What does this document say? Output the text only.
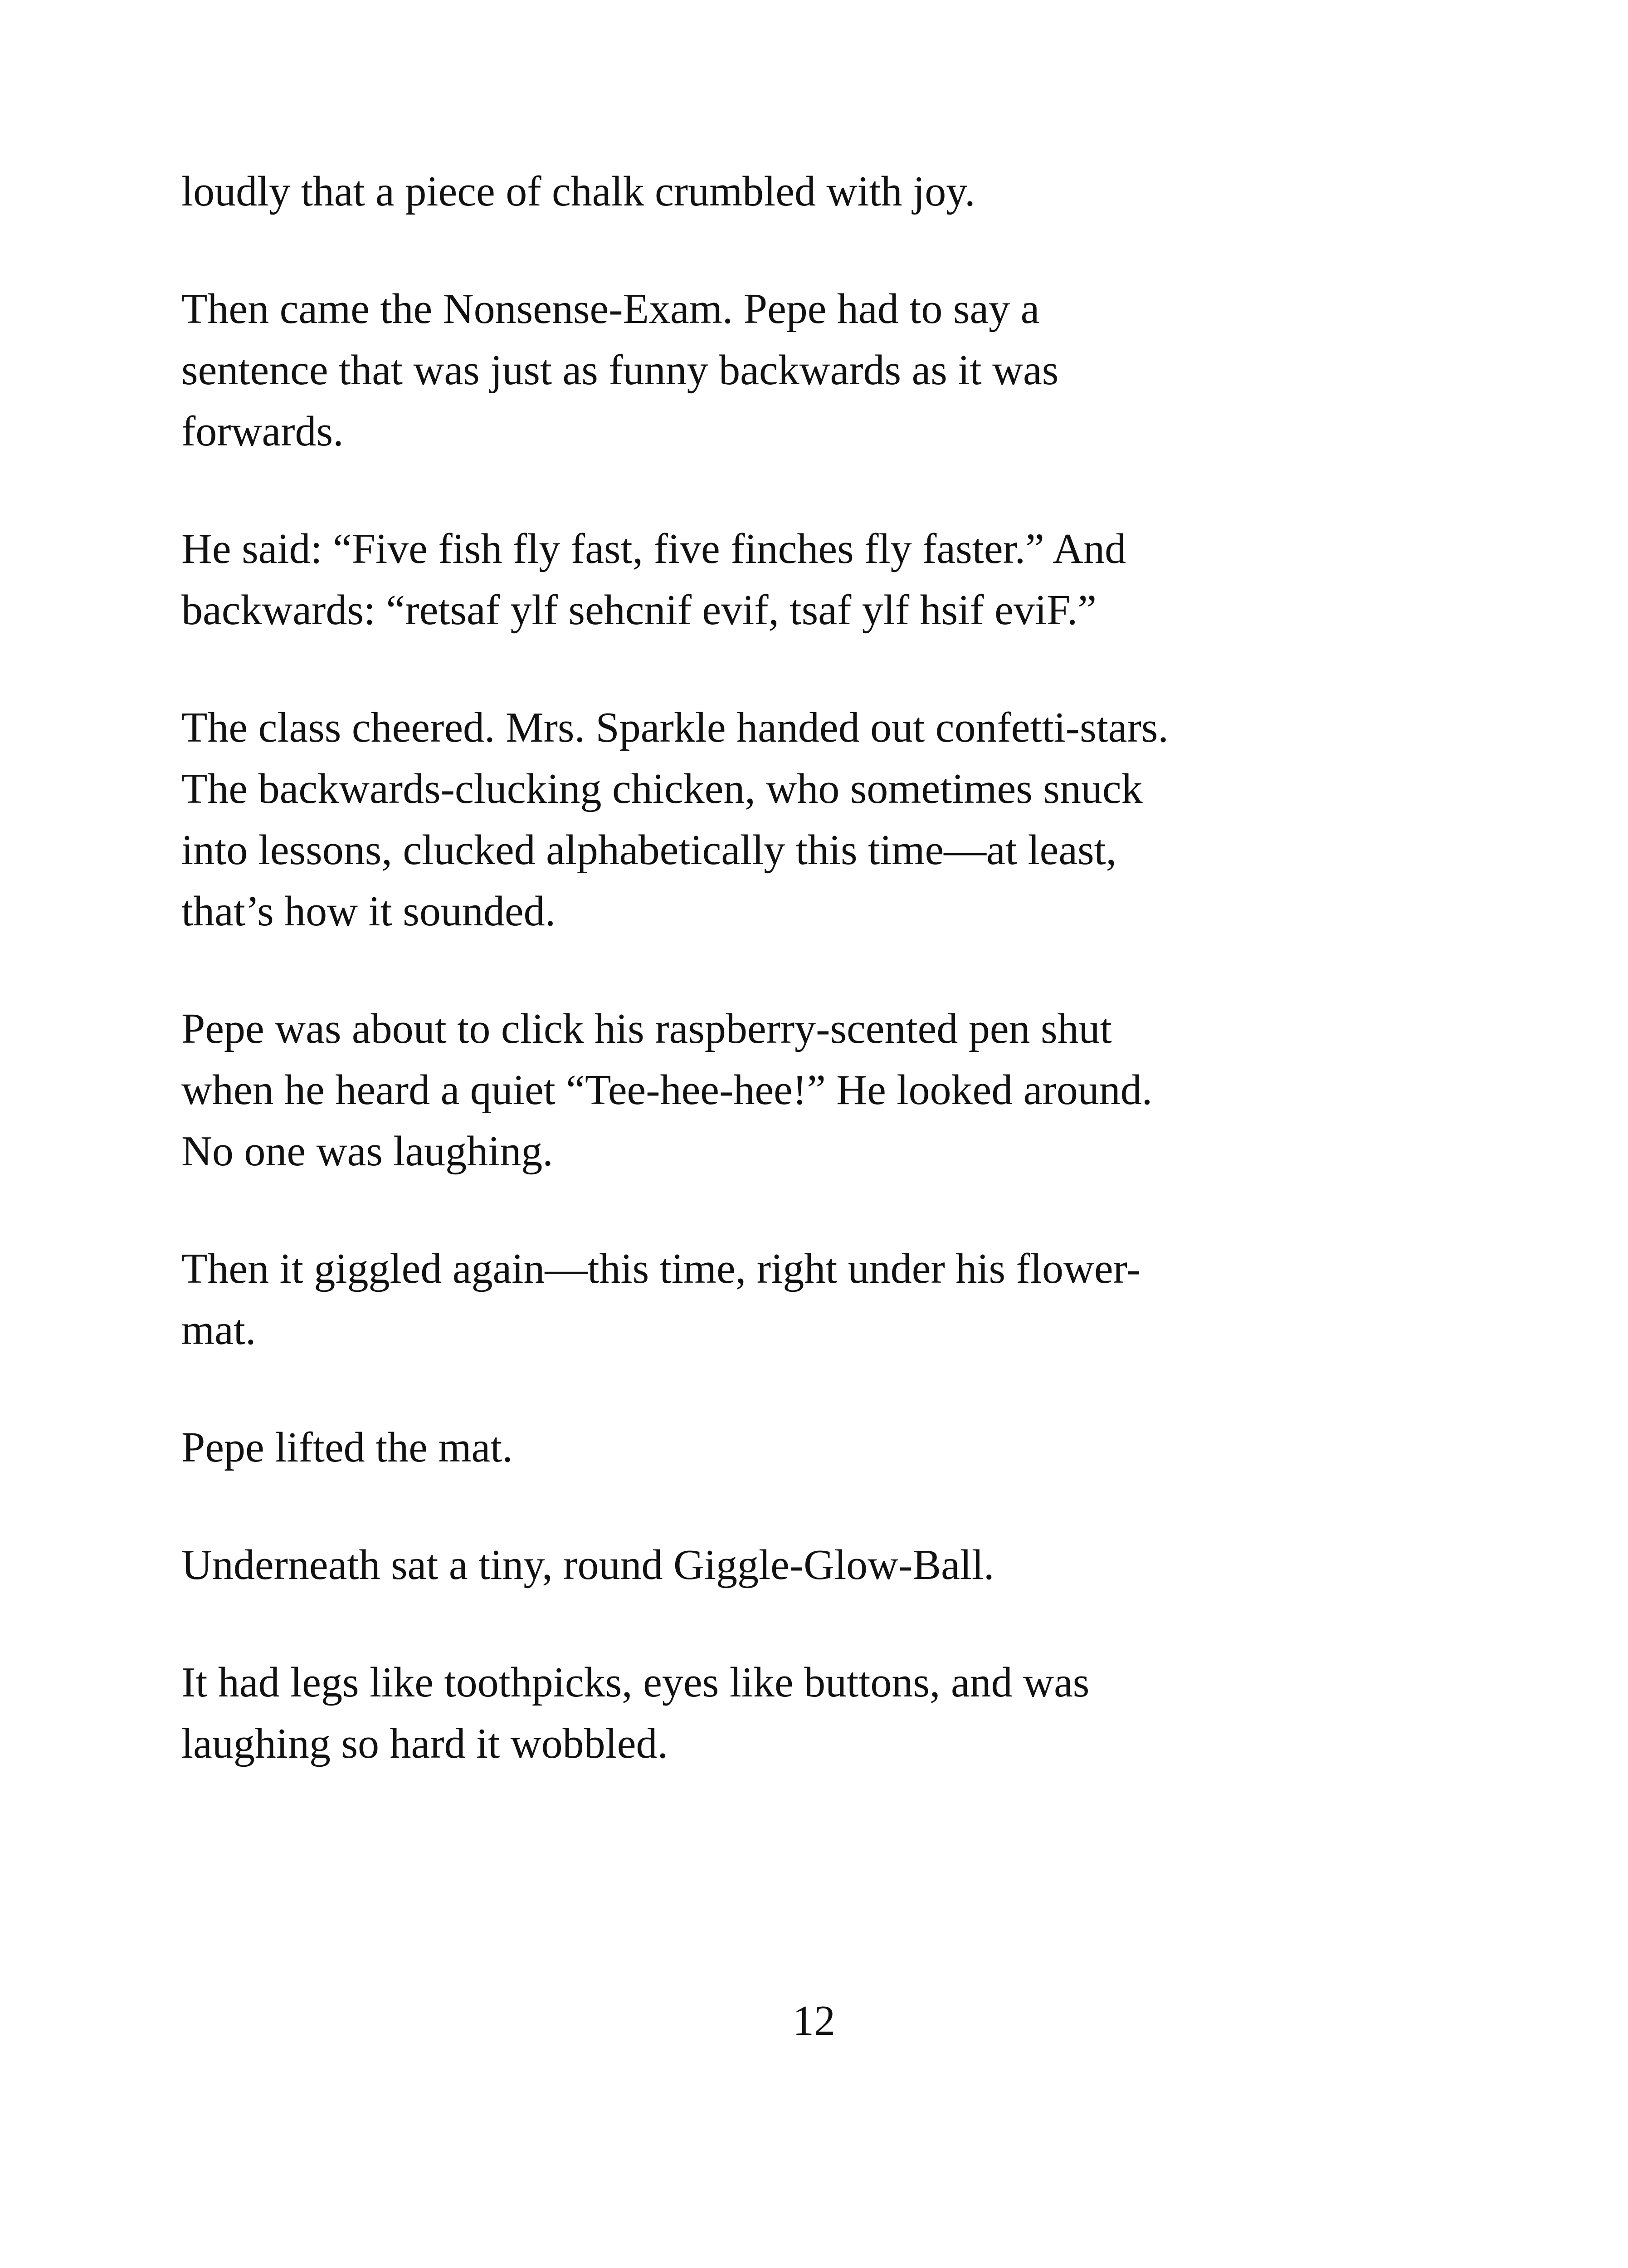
loudly that a piece of chalk crumbled with joy.

Then came the Nonsense-Exam. Pepe had to say a
sentence that was just as funny backwards as it was
forwards.

He said: “Five fish fly fast, five finches fly faster.” And
backwards: “retsaf ylf sehcnif evif, tsaf ylf hsif eviF.”

The class cheered. Mrs. Sparkle handed out confetti-stars.
The backwards-clucking chicken, who sometimes snuck
into lessons, clucked alphabetically this time—at least,
that’s how it sounded.

Pepe was about to click his raspberry-scented pen shut
when he heard a quiet “Tee-hee-hee!” He looked around.
No one was laughing.

Then it giggled again—this time, right under his flower-
mat.

Pepe lifted the mat.

Underneath sat a tiny, round Giggle-Glow-Ball.

It had legs like toothpicks, eyes like buttons, and was
laughing so hard it wobbled.

12
